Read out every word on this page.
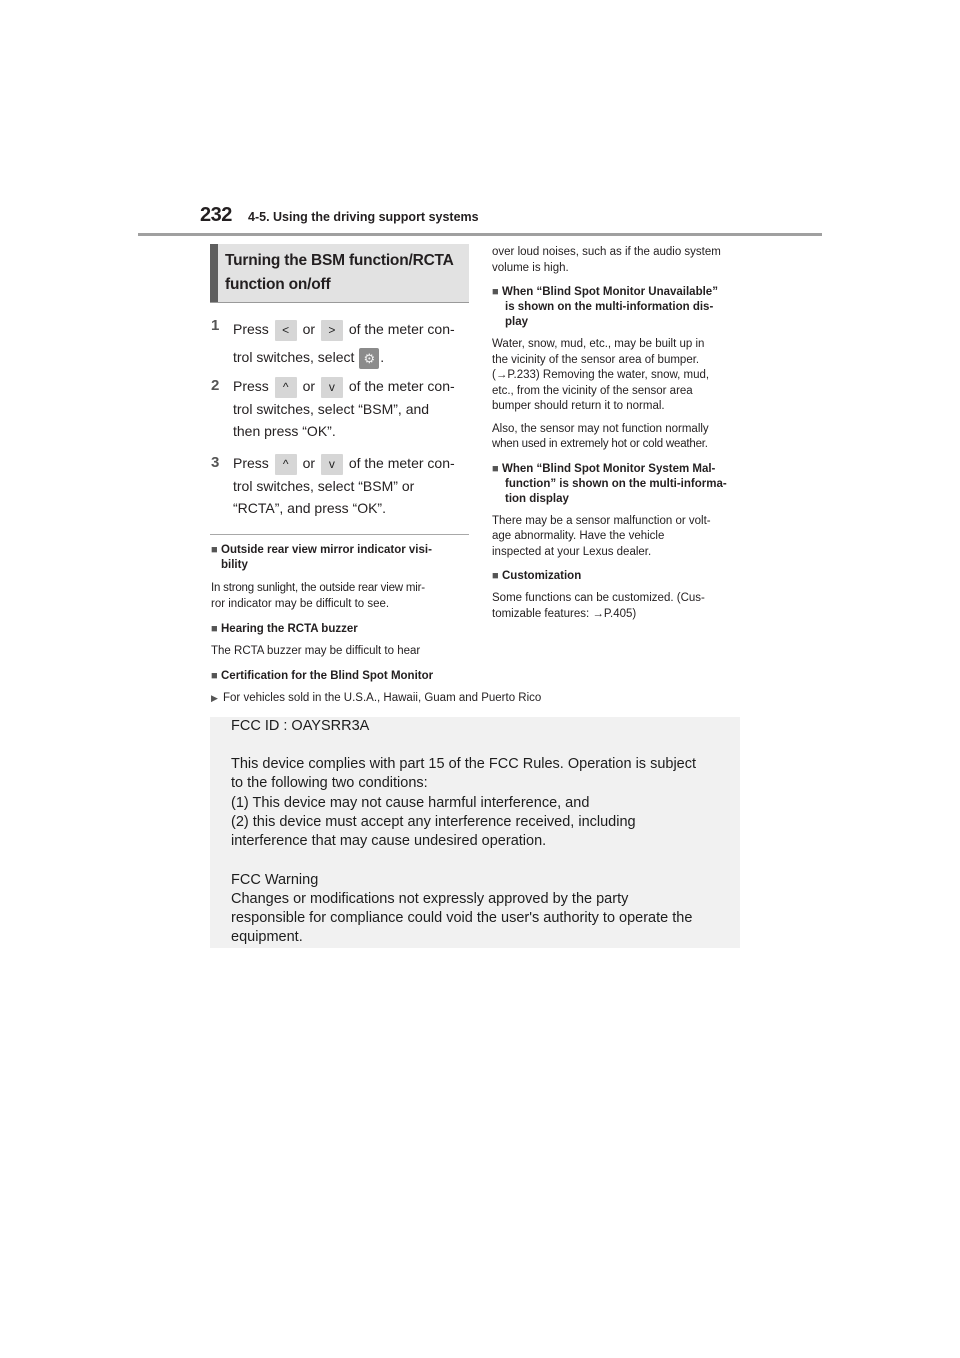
232 4-5. Using the driving support systems
Turning the BSM function/RCTA function on/off
1 Press < or > of the meter con-
trol switches, select ⚙ .
2 Press ^ or v of the meter con-
trol switches, select “BSM”, and
then press “OK”.
3 Press ^ or v of the meter con-
trol switches, select “BSM” or
“RCTA”, and press “OK”.
■ Outside rear view mirror indicator visi-
bility
In strong sunlight, the outside rear view mir-
ror indicator may be difficult to see.
■ Hearing the RCTA buzzer
The RCTA buzzer may be difficult to hear
■ Certification for the Blind Spot Monitor
over loud noises, such as if the audio system
volume is high.
■ When “Blind Spot Monitor Unavailable”
is shown on the multi-information dis-
play
Water, snow, mud, etc., may be built up in
the vicinity of the sensor area of bumper.
(→P.233) Removing the water, snow, mud,
etc., from the vicinity of the sensor area
bumper should return it to normal.
Also, the sensor may not function normally
when used in extremely hot or cold weather.
■ When “Blind Spot Monitor System Mal-
function” is shown on the multi-informa-
tion display
There may be a sensor malfunction or volt-
age abnormality. Have the vehicle
inspected at your Lexus dealer.
■ Customization
Some functions can be customized. (Cus-
tomizable features: →P.405)
▶ For vehicles sold in the U.S.A., Hawaii, Guam and Puerto Rico
FCC ID : OAYSRR3A
This device complies with part 15 of the FCC Rules. Operation is subject
to the following two conditions:
(1) This device may not cause harmful interference, and
(2) this device must accept any interference received, including
interference that may cause undesired operation.
FCC Warning
Changes or modifications not expressly approved by the party
responsible for compliance could void the user's authority to operate the
equipment.
